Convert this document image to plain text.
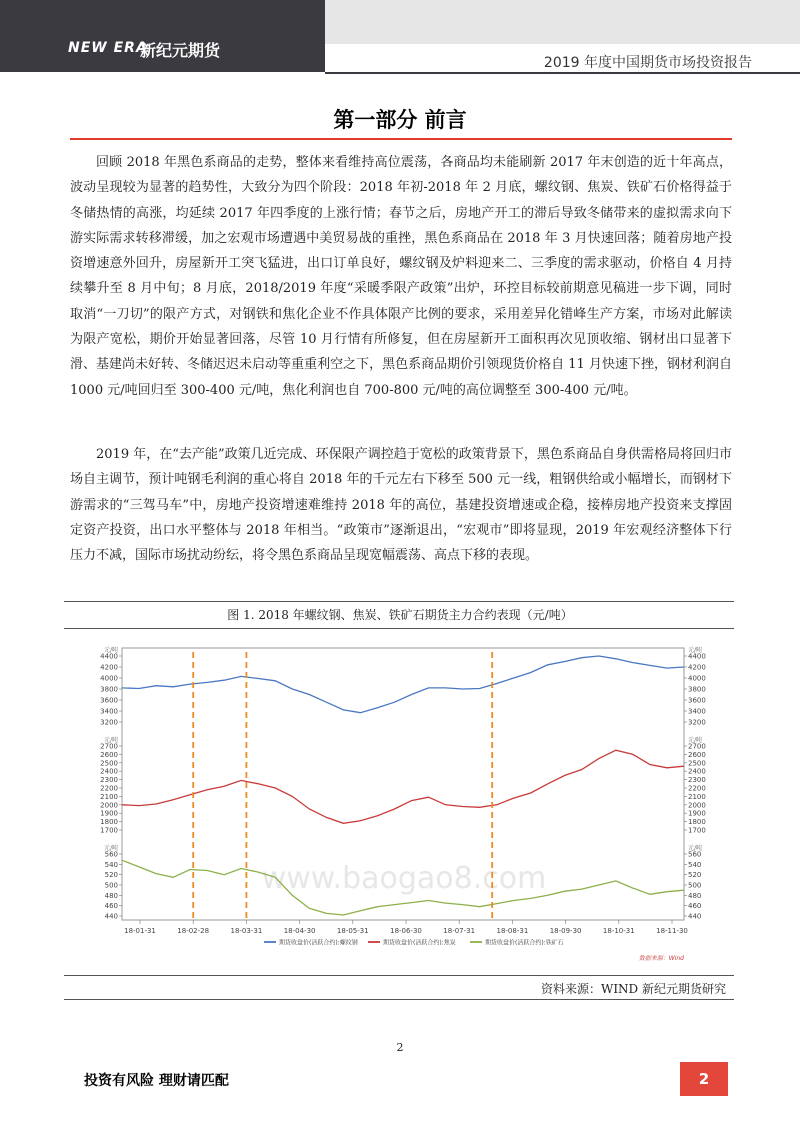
NEW ERA
新纪元期货
2019 年度中国期货市场投资报告
第一部分 前言

回顾 2018 年黑色系商品的走势，整体来看维持高位震荡，各商品均未能刷新 2017 年末创造的近十年高点，波动呈现较为显著的趋势性，大致分为四个阶段：2018 年初-2018 年 2 月底，螺纹钢、焦炭、铁矿石价格得益于冬储热情的高涨，均延续 2017 年四季度的上涨行情；春节之后，房地产开工的滞后导致冬储带来的虚拟需求向下游实际需求转移滞缓，加之宏观市场遭遇中美贸易战的重挫，黑色系商品在 2018 年 3 月快速回落；随着房地产投资增速意外回升，房屋新开工突飞猛进，出口订单良好，螺纹钢及炉料迎来二、三季度的需求驱动，价格自 4 月持续攀升至 8 月中旬；8 月底，2018/2019 年度“采暖季限产政策”出炉，环控目标较前期意见稿进一步下调，同时取消“一刀切”的限产方式，对钢铁和焦化企业不作具体限产比例的要求，采用差异化错峰生产方案，市场对此解读为限产宽松，期价开始显著回落，尽管 10 月行情有所修复，但在房屋新开工面积再次见顶收缩、钢材出口显著下滑、基建尚未好转、冬储迟迟未启动等重重利空之下，黑色系商品期价引领现货价格自 11 月快速下挫，钢材利润自 1000 元/吨回归至 300-400 元/吨，焦化利润也自 700-800 元/吨的高位调整至 300-400 元/吨。

2019 年，在“去产能”政策几近完成、环保限产调控趋于宽松的政策背景下，黑色系商品自身供需格局将回归市场自主调节，预计吨钢毛利润的重心将自 2018 年的千元左右下移至 500 元一线，粗钢供给或小幅增长，而钢材下游需求的“三驾马车”中，房地产投资增速难维持 2018 年的高位，基建投资增速或企稳，接棒房地产投资来支撑固定资产投资，出口水平整体与 2018 年相当。“政策市”逐渐退出，“宏观市”即将显现，2019 年宏观经济整体下行压力不减，国际市场扰动纷纭，将令黑色系商品呈现宽幅震荡、高点下移的表现。

图 1. 2018 年螺纹钢、焦炭、铁矿石期货主力合约表现（元/吨）
www.baogao8.com
元/吨	元/吨
3200	3200
3400	3400
3600	3600
3800	3800
4000	4000
4200	4200
4400	4400
元/吨	元/吨
1700	1700
1800	1800
1900	1900
2000	2000
2100	2100
2200	2200
2300	2300
2400	2400
2500	2500
2600	2600
2700	2700
元/吨	元/吨
440	440
460	460
480	480
500	500
520	520
540	540
560	560
18-01-31	18-02-28	18-03-31	18-04-30	18-05-31	18-06-30	18-07-31	18-08-31	18-09-30	18-10-31	18-11-30
期货收盘价(活跃合约):螺纹钢	期货收盘价(活跃合约):焦炭	期货收盘价(活跃合约):铁矿石
数据来源：Wind
资料来源：WIND 新纪元期货研究
2
投资有风险 理财请匹配	2
